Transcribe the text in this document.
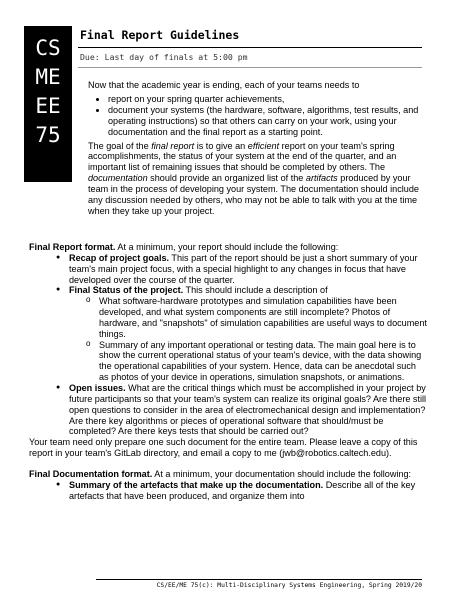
CS
ME
EE
75
Final Report Guidelines
Due: Last day of finals at 5:00 pm

Now that the academic year is ending, each of your teams needs to

• report on your spring quarter achievements,
• document your systems (the hardware, software, algorithms, test results, and operating instructions) so that others can carry on your work, using your documentation and the final report as a starting point.

The goal of the final report is to give an efficient report on your team's spring accomplishments, the status of your system at the end of the quarter, and an important list of remaining issues that should be completed by others. The documentation should provide an organized list of the artifacts produced by your team in the process of developing your system. The documentation should include any discussion needed by others, who may not be able to talk with you at the time when they take up your project.

Final Report format. At a minimum, your report should include the following:

● Recap of project goals. This part of the report should be just a short summary of your team's main project focus, with a special highlight to any changes in focus that have developed over the course of the quarter.
● Final Status of the project. This should include a description of
o What software-hardware prototypes and simulation capabilities have been developed, and what system components are still incomplete? Photos of hardware, and "snapshots" of simulation capabilities are useful ways to document things.
o Summary of any important operational or testing data. The main goal here is to show the current operational status of your team's device, with the data showing the operational capabilities of your system. Hence, data can be anecdotal such as photos of your device in operations, simulation snapshots, or animations.
● Open issues. What are the critical things which must be accomplished in your project by future participants so that your team's system can realize its original goals? Are there still open questions to consider in the area of electromechanical design and implementation? Are there key algorithms or pieces of operational software that should/must be completed? Are there keys tests that should be carried out?

Your team need only prepare one such document for the entire team. Please leave a copy of this report in your team's GitLab directory, and email a copy to me (jwb@robotics.caltech.edu).

Final Documentation format. At a minimum, your documentation should include the following:

● Summary of the artefacts that make up the documentation. Describe all of the key artefacts that have been produced, and organize them into
CS/EE/ME 75(c): Multi-Disciplinary Systems Engineering, Spring 2019/20
